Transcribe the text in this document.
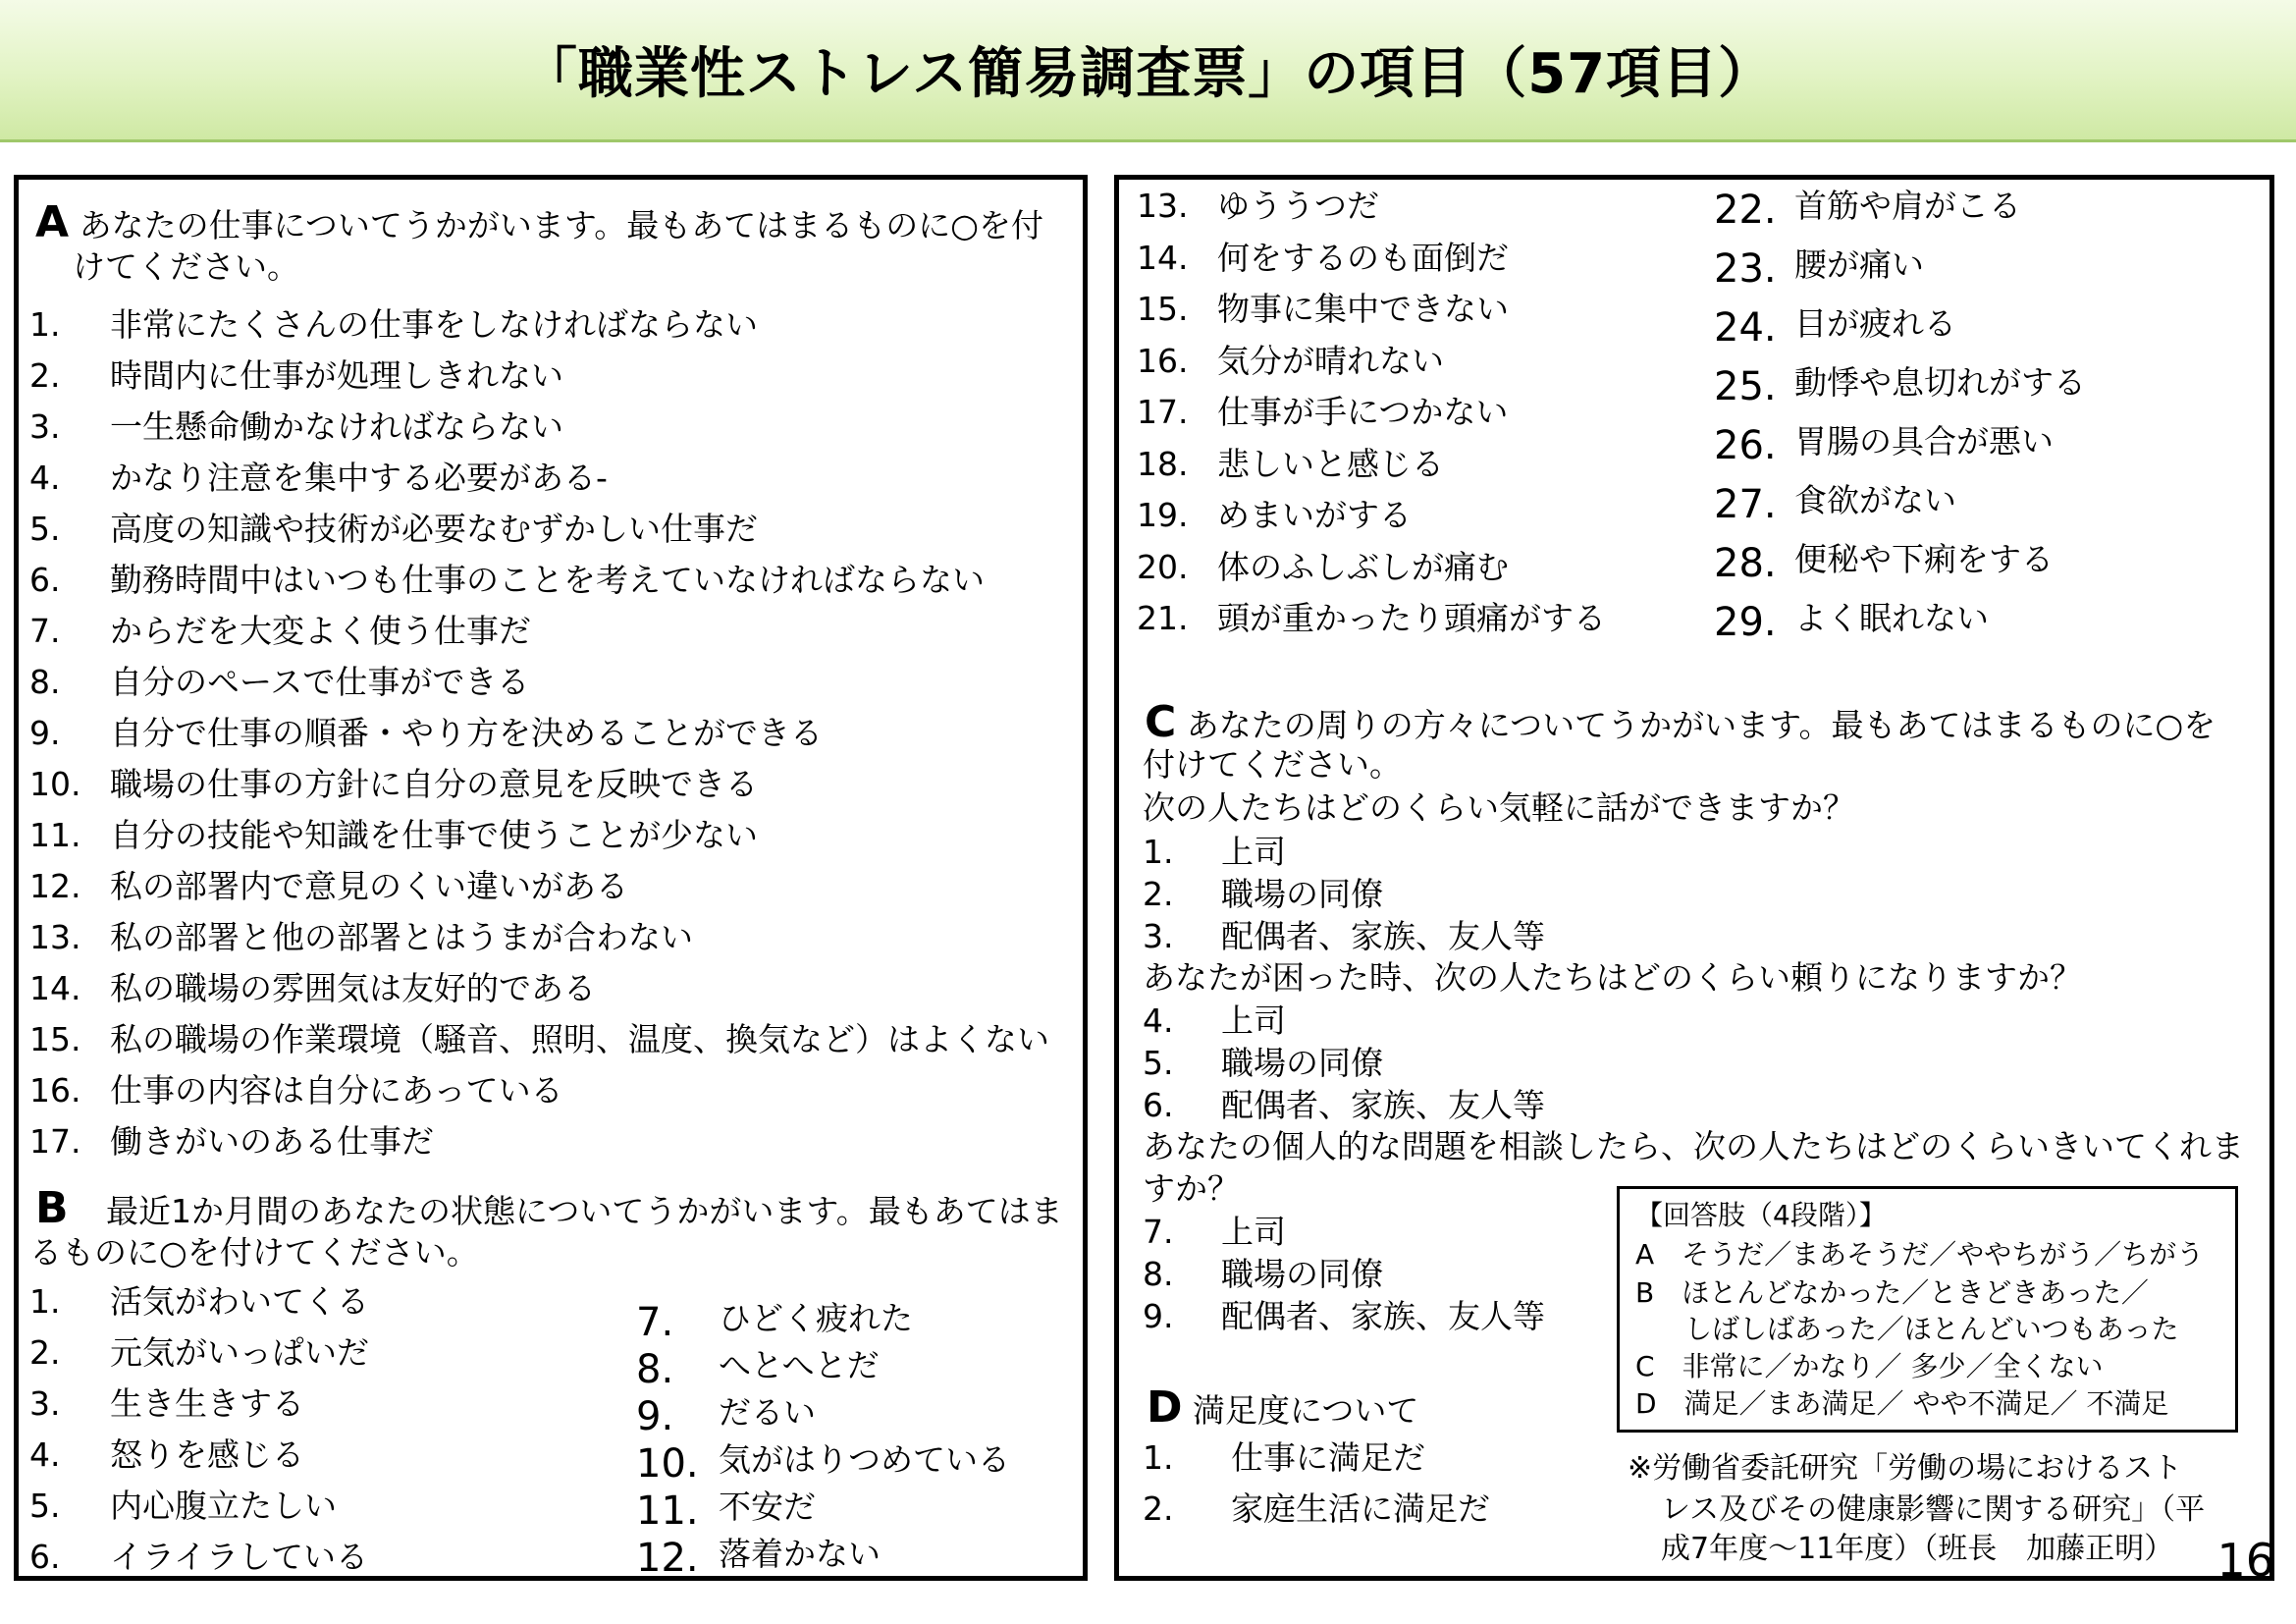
「職業性ストレス簡易調査票」の項目（57項目）
A あなたの仕事についてうかがいます。最もあてはまるものに○を付
けてください。
1. 非常にたくさんの仕事をしなければならない
2. 時間内に仕事が処理しきれない
3. 一生懸命働かなければならない
4. かなり注意を集中する必要がある-
5. 高度の知識や技術が必要なむずかしい仕事だ
6. 勤務時間中はいつも仕事のことを考えていなければならない
7. からだを大変よく使う仕事だ
8. 自分のペースで仕事ができる
9. 自分で仕事の順番・やり方を決めることができる
10. 職場の仕事の方針に自分の意見を反映できる
11. 自分の技能や知識を仕事で使うことが少ない
12. 私の部署内で意見のくい違いがある
13. 私の部署と他の部署とはうまが合わない
14. 私の職場の雰囲気は友好的である
15. 私の職場の作業環境（騒音、照明、温度、換気など）はよくない
16. 仕事の内容は自分にあっている
17. 働きがいのある仕事だ
B 最近1か月間のあなたの状態についてうかがいます。最もあてはま
るものに○を付けてください。
1. 活気がわいてくる
2. 元気がいっぱいだ
3. 生き生きする
4. 怒りを感じる
5. 内心腹立たしい
6. イライラしている
7. ひどく疲れた
8. へとへとだ
9. だるい
10. 気がはりつめている
11. 不安だ
12. 落着かない
13. ゆううつだ
14. 何をするのも面倒だ
15. 物事に集中できない
16. 気分が晴れない
17. 仕事が手につかない
18. 悲しいと感じる
19. めまいがする
20. 体のふしぶしが痛む
21. 頭が重かったり頭痛がする
22. 首筋や肩がこる
23. 腰が痛い
24. 目が疲れる
25. 動悸や息切れがする
26. 胃腸の具合が悪い
27. 食欲がない
28. 便秘や下痢をする
29. よく眠れない
C あなたの周りの方々についてうかがいます。最もあてはまるものに○を
付けてください。
次の人たちはどのくらい気軽に話ができますか？
1. 上司
2. 職場の同僚
3. 配偶者、家族、友人等
あなたが困った時、次の人たちはどのくらい頼りになりますか？
4. 上司
5. 職場の同僚
6. 配偶者、家族、友人等
あなたの個人的な問題を相談したら、次の人たちはどのくらいきいてくれま
すか？
7. 上司
8. 職場の同僚
9. 配偶者、家族、友人等
D 満足度について
1. 仕事に満足だ
2. 家庭生活に満足だ
【回答肢（4段階）】
A　そうだ／まあそうだ／ややちがう／ちがう
B　ほとんどなかった／ときどきあった／
しばしばあった／ほとんどいつもあった
C　非常に／かなり／ 多少／全くない
D　満足／まあ満足／ やや不満足／ 不満足
※労働省委託研究「労働の場におけるスト
レス及びその健康影響に関する研究」（平
成7年度～11年度）（班長　加藤正明） 16
